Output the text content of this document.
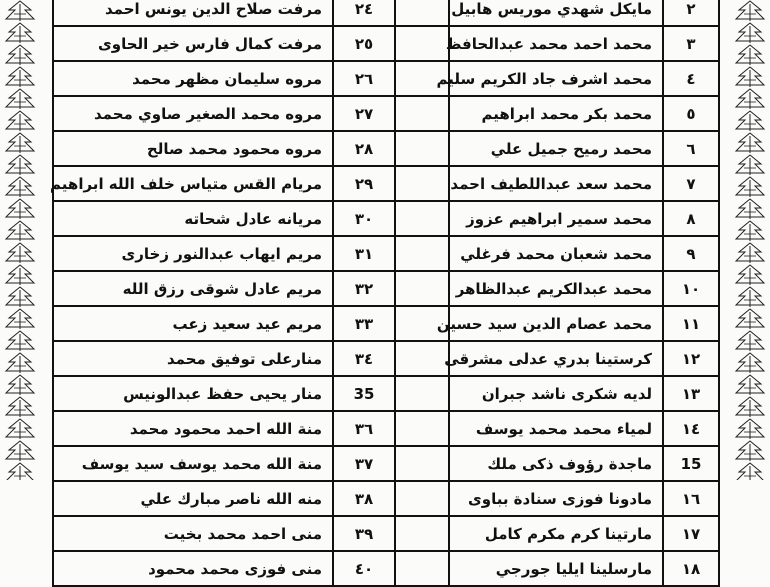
٢	مايكل شهدي موريس هابيل		٢٤	مرفت صلاح الدين يونس احمد
٣	محمد احمد محمد عبدالحافظ		٢٥	مرفت كمال فارس خير الحاوى
٤	محمد اشرف جاد الكريم سليم		٢٦	مروه سليمان مظهر محمد
٥	محمد بكر محمد ابراهيم		٢٧	مروه محمد الصغير صاوي محمد
٦	محمد رميح جميل علي		٢٨	مروه محمود محمد صالح
٧	محمد سعد عبداللطيف احمد		٢٩	مريام القس متياس خلف الله ابراهيم
٨	محمد سمير ابراهيم عزوز		٣٠	مريانه عادل شحاته
٩	محمد شعبان محمد فرغلي		٣١	مريم ايهاب عبدالنور زخارى
١٠	محمد عبدالكريم عبدالظاهر		٣٢	مريم عادل شوقى رزق الله
١١	محمد عصام الدين سيد حسين		٣٣	مريم عيد سعيد زعب
١٢	كرستينا بدري عدلى مشرقى		٣٤	منارعلى توفيق محمد
١٣	لديه شكرى ناشد جبران		35	منار يحيى حفظ عبدالونيس
١٤	لمياء محمد محمد يوسف		٣٦	منة الله احمد محمود محمد
15	ماجدة رؤوف ذكى ملك		٣٧	منة الله محمد يوسف سيد يوسف
١٦	مادونا فوزى سنادة بباوى		٣٨	منه الله ناصر مبارك علي
١٧	مارتينا كرم مكرم كامل		٣٩	منى احمد محمد بخيت
١٨	مارسلينا ايليا جورجي		٤٠	منى فوزى محمد محمود
